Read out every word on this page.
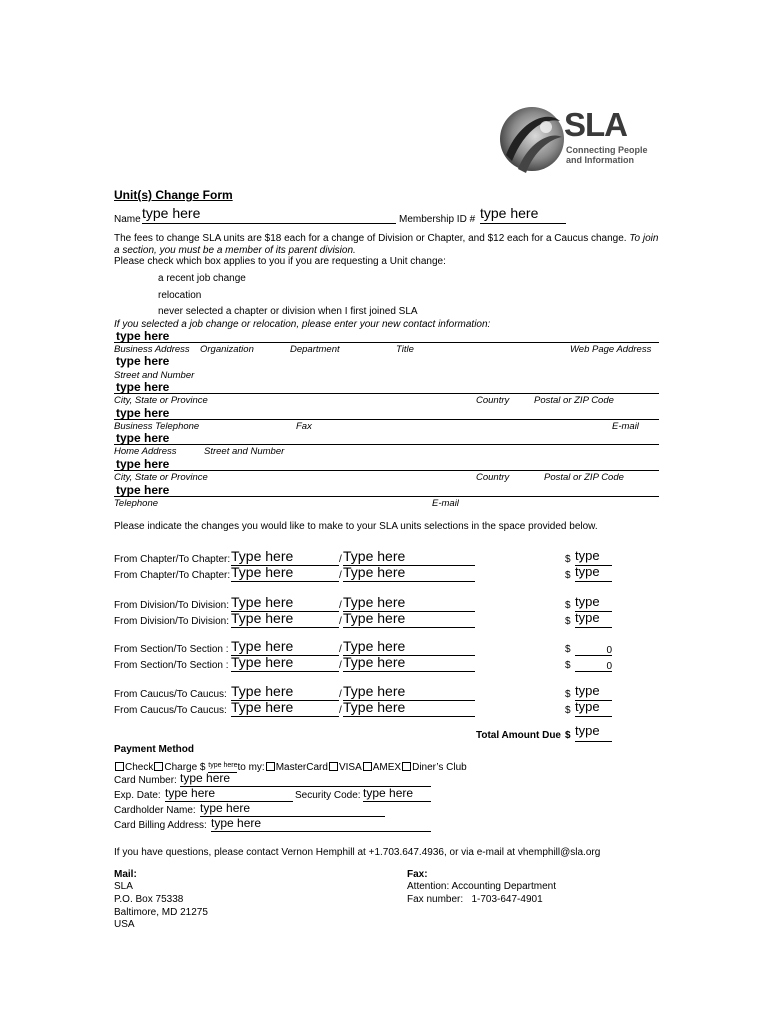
SLA
Connecting People
and Information
Unit(s) Change Form
Name type here	Membership ID # type here
The fees to change SLA units are $18 each for a change of Division or Chapter, and $12 each for a Caucus change. To join a section, you must be a member of its parent division.
Please check which box applies to you if you are requesting a Unit change:
a recent job change
relocation
never selected a chapter or division when I first joined SLA
If you selected a job change or relocation, please enter your new contact information:
type here
Business Address Organization	Department	Title	Web Page Address
type here
Street and Number
type here
City, State or Province	Country	Postal or ZIP Code
type here
Business Telephone	Fax	E-mail
type here
Home Address	Street and Number
type here
City, State or Province	Country	Postal or ZIP Code
type here
Telephone	E-mail
Please indicate the changes you would like to make to your SLA units selections in the space provided below.
From Chapter/To Chapter: Type here	/ Type here	$ type
From Chapter/To Chapter: Type here	/ Type here	$ type
From Division/To Division: Type here	/ Type here	$ type
From Division/To Division: Type here	/ Type here	$ type
From Section/To Section : Type here	/ Type here	$	0
From Section/To Section : Type here	/ Type here	$	0
From Caucus/To Caucus: Type here	/ Type here	$ type
From Caucus/To Caucus: Type here	/ Type here	$ type
Total Amount Due $ type
Payment Method
Check Charge $ type hereto my: MasterCard VISA AMEX Diner’s Club
Card Number: type here
Exp. Date: type here	Security Code: type here
Cardholder Name: type here
Card Billing Address: type here
If you have questions, please contact Vernon Hemphill at +1.703.647.4936, or via e-mail at vhemphill@sla.org
Mail:
SLA
P.O. Box 75338
Baltimore, MD 21275
USA
Fax:
Attention: Accounting Department
Fax number:   1-703-647-4901
